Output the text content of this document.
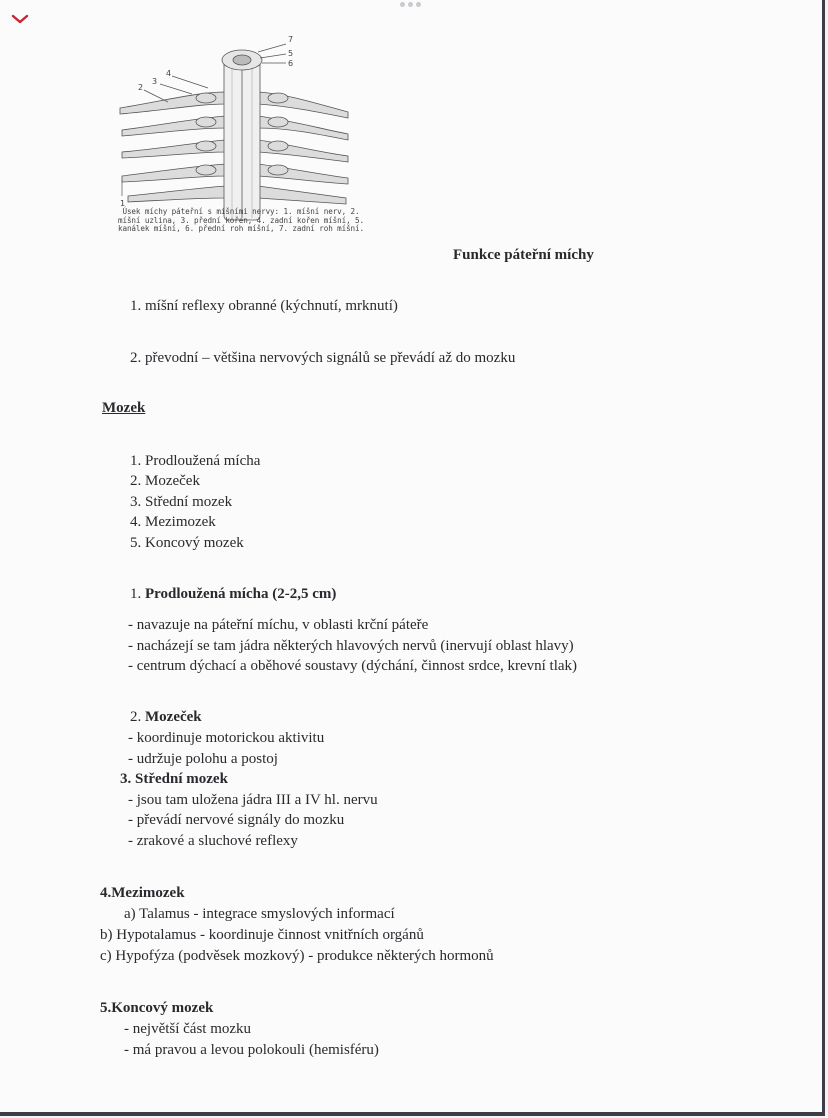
7
5
6
2
3
4
1
Úsek míchy páteřní s míšními nervy: 1. míšní nerv, 2. míšní uzlina, 3. přední kořen, 4. zadní kořen míšní, 5. kanálek míšní, 6. přední roh míšní, 7. zadní roh míšní.
Funkce páteřní míchy
1. míšní reflexy obranné (kýchnutí, mrknutí)
2. převodní – většina nervových signálů se převádí až do mozku
Mozek
1. Prodloužená mícha
2. Mozeček
3. Střední mozek
4. Mezimozek
5. Koncový mozek
1. Prodloužená mícha (2-2,5 cm)
- navazuje na páteřní míchu, v oblasti krční páteře
- nacházejí se tam jádra některých hlavových nervů (inervují oblast hlavy)
- centrum dýchací a oběhové soustavy (dýchání, činnost srdce, krevní tlak)
2. Mozeček
- koordinuje motorickou aktivitu
- udržuje polohu a postoj
3. Střední mozek
- jsou tam uložena jádra III a IV hl. nervu
- převádí nervové signály do mozku
- zrakové a sluchové reflexy
4.Mezimozek
a) Talamus - integrace smyslových informací
b) Hypotalamus - koordinuje činnost vnitřních orgánů
c) Hypofýza (podvěsek mozkový) - produkce některých hormonů
5.Koncový mozek
- největší část mozku
- má pravou a levou polokouli (hemisféru)
